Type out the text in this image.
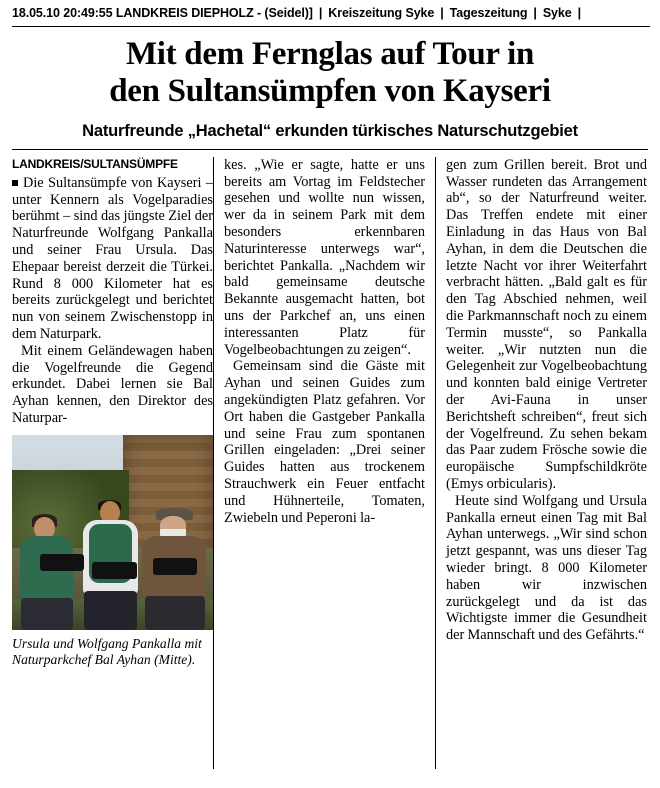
18.05.10 20:49:55 LANDKREIS DIEPHOLZ - (Seidel)] | Kreiszeitung Syke | Tageszeitung | Syke |
Mit dem Fernglas auf Tour in
den Sultansümpfen von Kayseri
Naturfreunde „Hachetal“ erkunden türkisches Naturschutzgebiet
LANDKREIS/SULTANSÜMPFE

Die Sultansümpfe von Kayseri – unter Kennern als Vogelparadies berühmt – sind das jüngste Ziel der Naturfreunde Wolfgang Pankalla und seiner Frau Ursula. Das Ehepaar bereist derzeit die Türkei. Rund 8 000 Kilometer hat es bereits zurückgelegt und berichtet nun von seinem Zwischenstopp in dem Naturpark.

Mit einem Geländewagen haben die Vogelfreunde die Gegend erkundet. Dabei lernen sie Bal Ayhan kennen, den Direktor des Naturpar-

Ursula und Wolfgang Pankalla mit Naturparkchef Bal Ayhan (Mitte).

kes. „Wie er sagte, hatte er uns bereits am Vortag im Feldstecher gesehen und wollte nun wissen, wer da in seinem Park mit dem besonders erkennbaren Naturinteresse unterwegs war“, berichtet Pankalla. „Nachdem wir bald gemeinsame deutsche Bekannte ausgemacht hatten, bot uns der Parkchef an, uns einen interessanten Platz für Vogelbeobachtungen zu zeigen“.

Gemeinsam sind die Gäste mit Ayhan und seinen Guides zum angekündigten Platz gefahren. Vor Ort haben die Gastgeber Pankalla und seine Frau zum spontanen Grillen eingeladen: „Drei seiner Guides hatten aus trockenem Strauchwerk ein Feuer entfacht und Hühnerteile, Tomaten, Zwiebeln und Peperoni la-

gen zum Grillen bereit. Brot und Wasser rundeten das Arrangement ab“, so der Naturfreund weiter. Das Treffen endete mit einer Einladung in das Haus von Bal Ayhan, in dem die Deutschen die letzte Nacht vor ihrer Weiterfahrt verbracht hätten. „Bald galt es für den Tag Abschied nehmen, weil die Parkmannschaft noch zu einem Termin musste“, so Pankalla weiter. „Wir nutzten nun die Gelegenheit zur Vogelbeobachtung und konnten bald einige Vertreter der Avi-Fauna in unser Berichtsheft schreiben“, freut sich der Vogelfreund. Zu sehen bekam das Paar zudem Frösche sowie die europäische Sumpfschildkröte (Emys orbicularis).

Heute sind Wolfgang und Ursula Pankalla erneut einen Tag mit Bal Ayhan unterwegs. „Wir sind schon jetzt gespannt, was uns dieser Tag wieder bringt. 8 000 Kilometer haben wir inzwischen zurückgelegt und da ist das Wichtigste immer die Gesundheit der Mannschaft und des Gefährts.“
